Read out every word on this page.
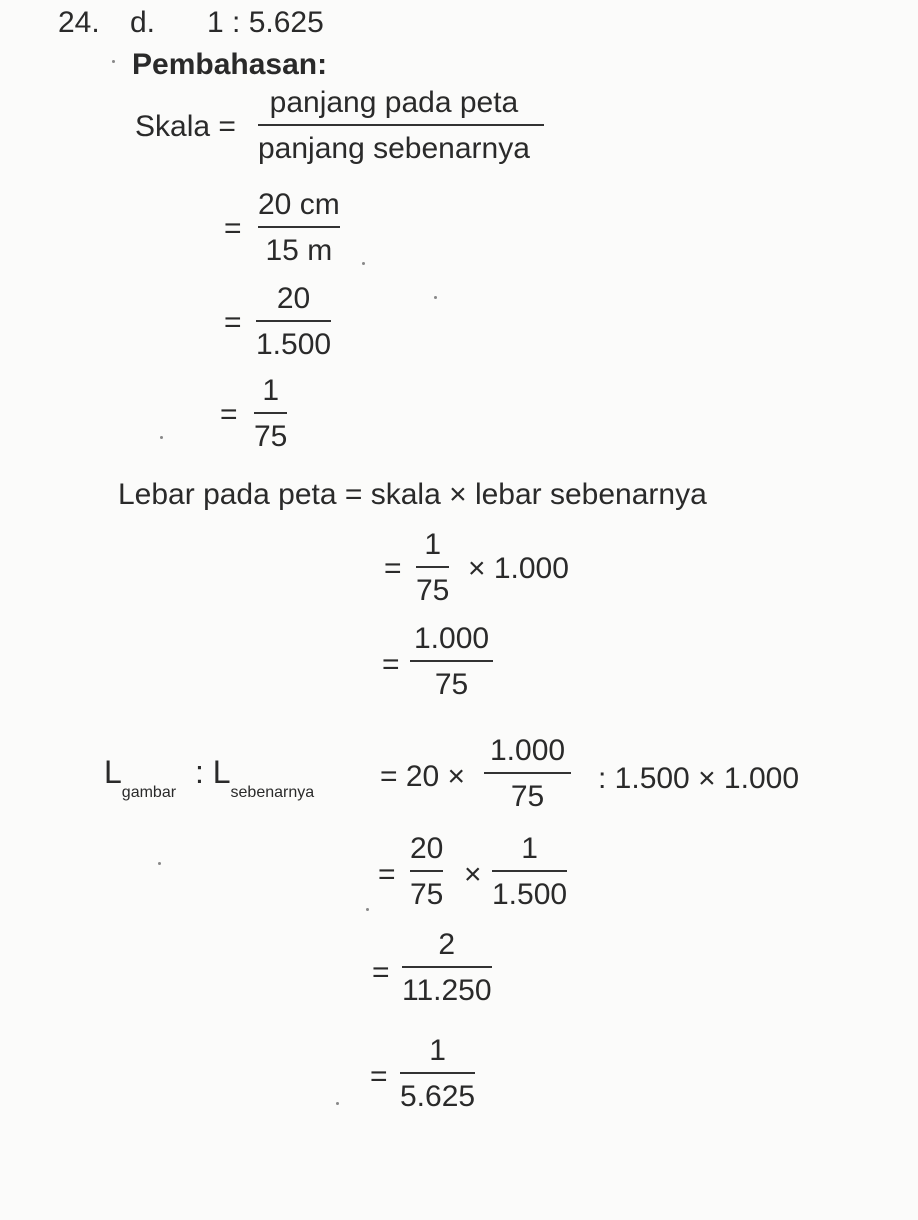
24. d. 1 : 5.625
Pembahasan:
Skala =
panjang pada peta
panjang sebenarnya
=
20 cm
15 m
=
20
1.500
=
1
75
Lebar pada peta = skala × lebar sebenarnya
=
1
75
× 1.000
=
1.000
75
$L_{gambar}$ : $L_{sebenarnya} = 20$ ×
1.000
75
: 1.500 × 1.000
=
20
75
×
1
1.500
=
2
11.250
=
1
5.625
